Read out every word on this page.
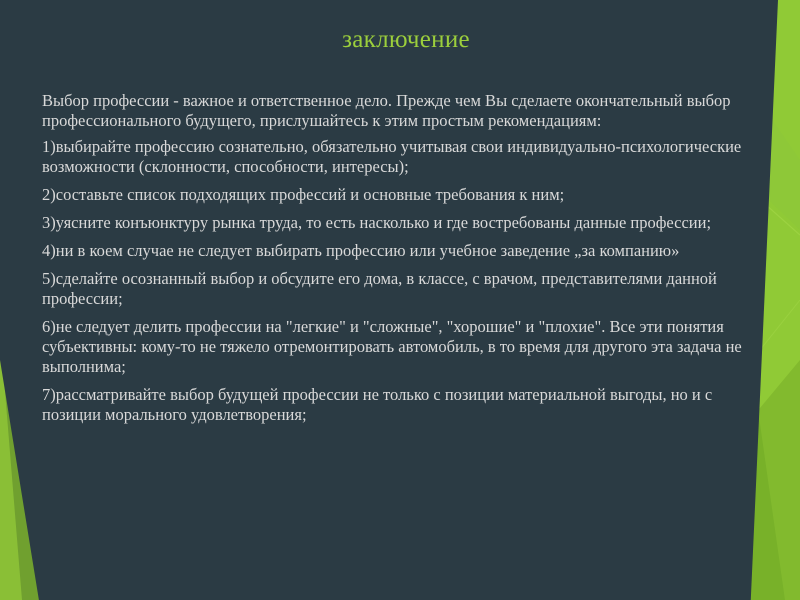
заключение

Выбор профессии - важное и ответственное дело. Прежде чем Вы сделаете окончательный выбор профессионального будущего, прислушайтесь к этим простым рекомендациям:

1)выбирайте профессию сознательно, обязательно учитывая свои индивидуально-психологические возможности (склонности, способности, интересы);

2)составьте список подходящих профессий и основные требования к ним;

3)уясните конъюнктуру рынка труда, то есть насколько и где востребованы данные профессии;

4)ни в коем случае не следует выбирать профессию или учебное заведение „за компанию»

5)сделайте осознанный выбор и обсудите его дома, в классе, с врачом, представителями данной профессии;

6)не следует делить профессии на "легкие" и "сложные", "хорошие" и "плохие". Все эти понятия субъективны: кому-то не тяжело отремонтировать автомобиль, в то время для другого эта задача не выполнима;

7)рассматривайте выбор будущей профессии не только с позиции материальной выгоды, но и с позиции морального удовлетворения;
